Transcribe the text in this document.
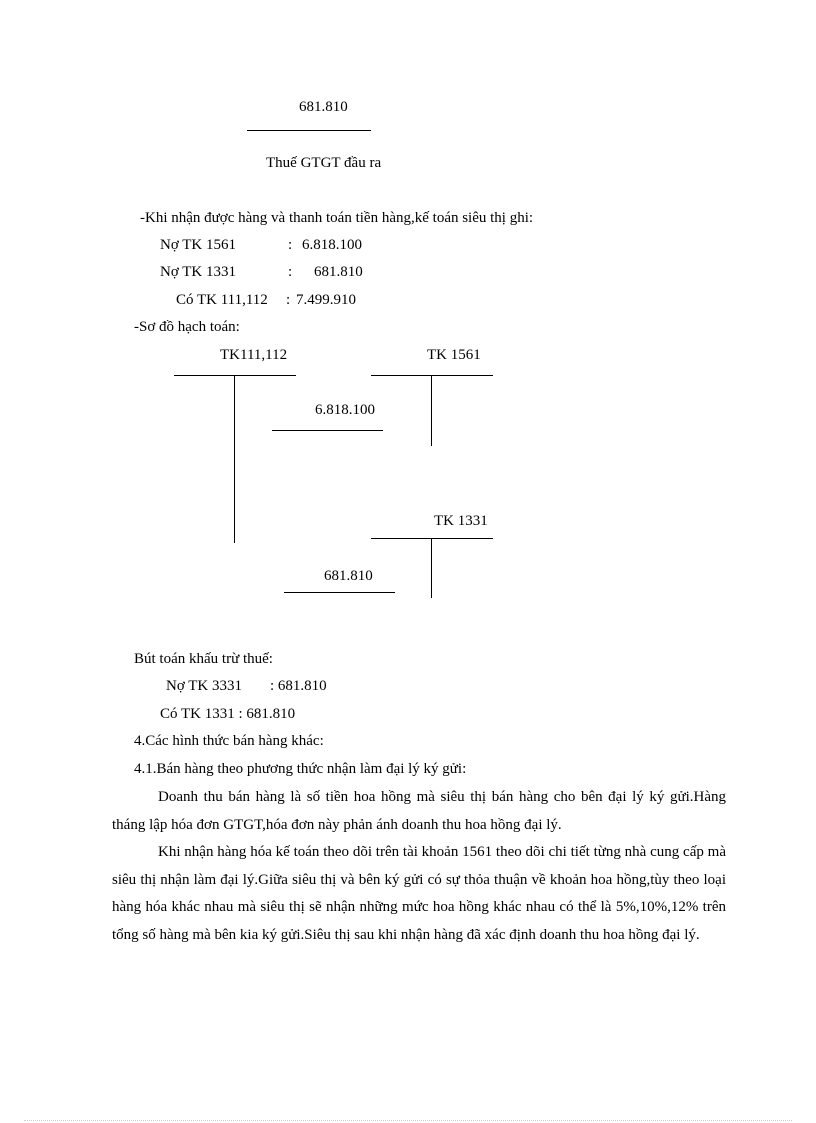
681.810
Thuế GTGT đầu ra
-Khi nhận được hàng và thanh toán tiền hàng,kế toán siêu thị ghi:
Nợ TK 1561	: 6.818.100
Nợ TK 1331	: 681.810
Có TK 111,112 : 7.499.910
-Sơ đồ hạch toán:
TK111,112	TK 1561
6.818.100
TK 1331
681.810
Bút toán khấu trừ thuế:
Nợ TK 3331 : 681.810
Có TK 1331 : 681.810
4.Các hình thức bán hàng khác:
4.1.Bán hàng theo phương thức nhận làm đại lý ký gửi:
Doanh thu bán hàng là số tiền hoa hồng mà siêu thị bán hàng cho bên đại lý ký gửi.Hàng tháng lập hóa đơn GTGT,hóa đơn này phản ánh doanh thu hoa hồng đại lý.
Khi nhận hàng hóa kế toán theo dõi trên tài khoản 1561 theo dõi chi tiết từng nhà cung cấp mà siêu thị nhận làm đại lý.Giữa siêu thị và bên ký gửi có sự thỏa thuận về khoản hoa hồng,tùy theo loại hàng hóa khác nhau mà siêu thị sẽ nhận những mức hoa hồng khác nhau có thể là 5%,10%,12% trên tổng số hàng mà bên kia ký gửi.Siêu thị sau khi nhận hàng đã xác định doanh thu hoa hồng đại lý.
